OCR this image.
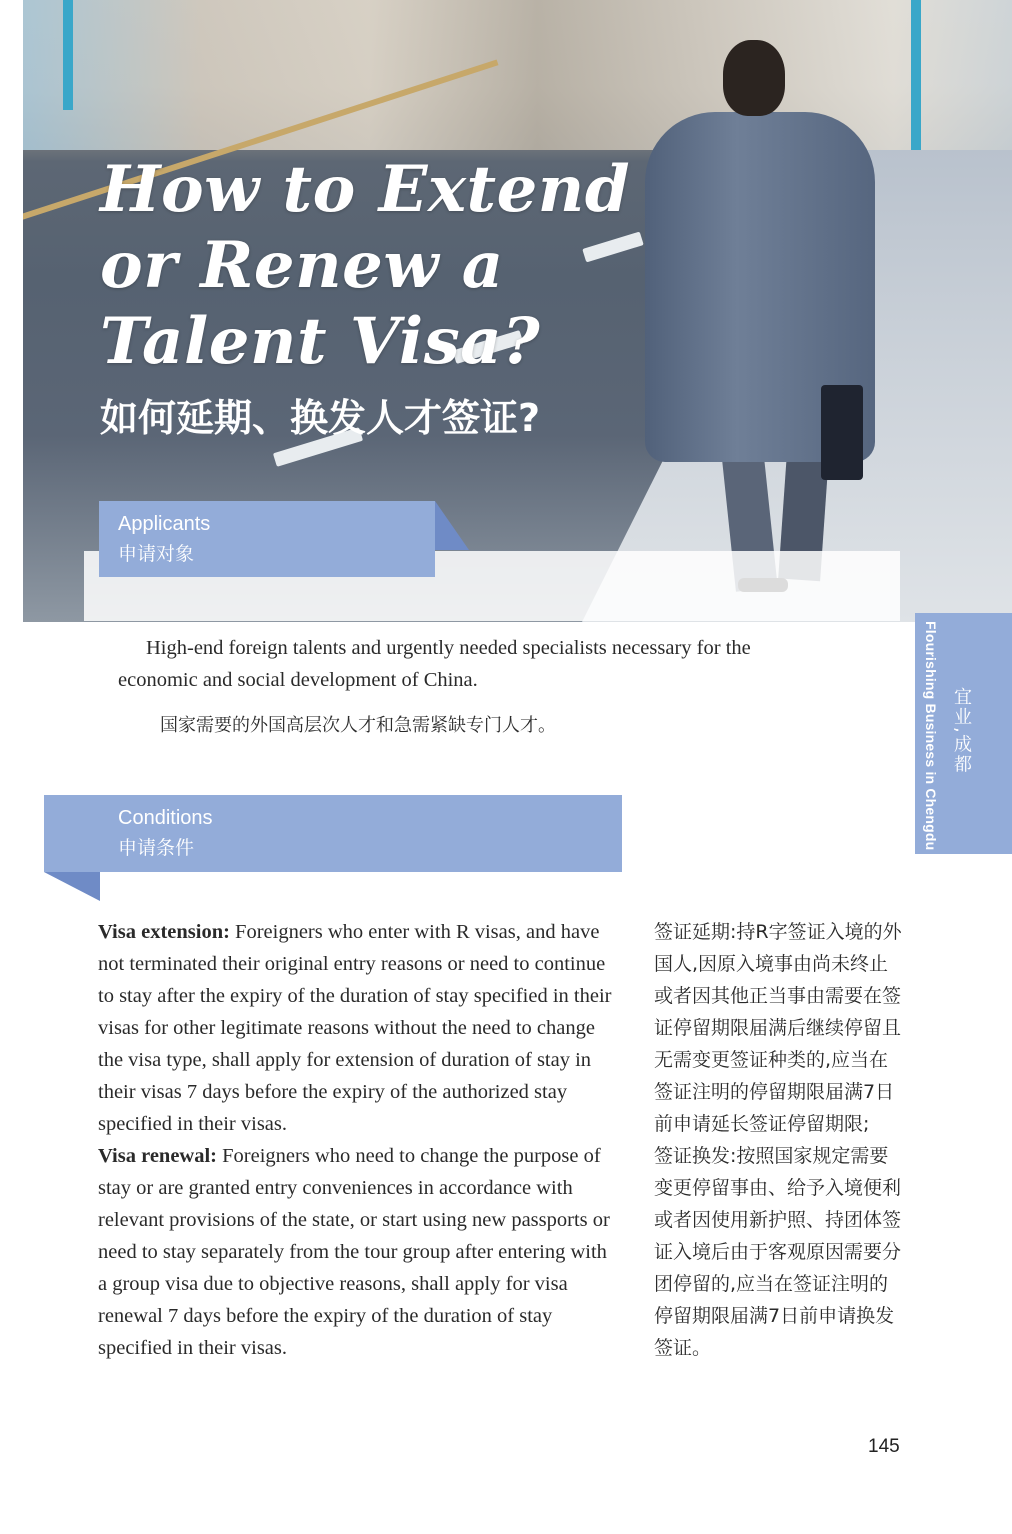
How to Extend or Renew a Talent Visa?
如何延期、换发人才签证?
Applicants
申请对象

High-end foreign talents and urgently needed specialists necessary for the economic and social development of China.

国家需要的外国高层次人才和急需紧缺专门人才。	Flourishing Business in Chengdu 宜业,成都
Conditions
申请条件

Visa extension: Foreigners who enter with R visas, and have not terminated their original entry reasons or need to continue to stay after the expiry of the duration of stay specified in their visas for other legitimate reasons without the need to change the visa type, shall apply for extension of duration of stay in their visas 7 days before the expiry of the authorized stay specified in their visas.
Visa renewal: Foreigners who need to change the purpose of stay or are granted entry conveniences in accordance with relevant provisions of the state, or start using new passports or need to stay separately from the tour group after entering with a group visa due to objective reasons, shall apply for visa renewal 7 days before the expiry of the duration of stay specified in their visas.

签证延期:持R字签证入境的外国人,因原入境事由尚未终止或者因其他正当事由需要在签证停留期限届满后继续停留且无需变更签证种类的,应当在签证注明的停留期限届满7日前申请延长签证停留期限;
签证换发:按照国家规定需要变更停留事由、给予入境便利或者因使用新护照、持团体签证入境后由于客观原因需要分团停留的,应当在签证注明的停留期限届满7日前申请换发签证。

145
